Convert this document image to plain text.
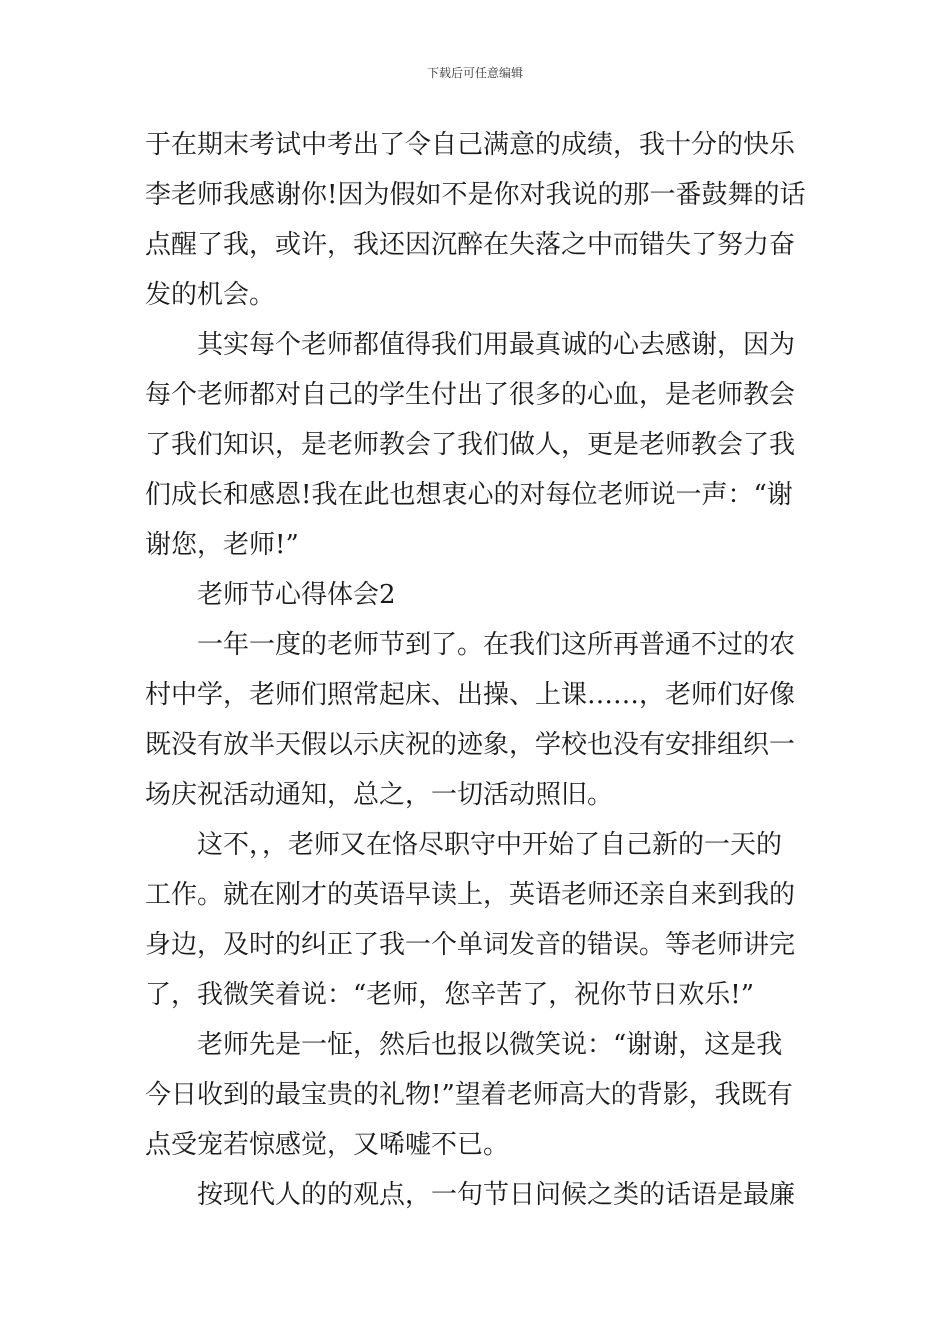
下载后可任意编辑
于在期末考试中考出了令自己满意的成绩，我十分的快乐
李老师我感谢你!因为假如不是你对我说的那一番鼓舞的话
点醒了我，或许，我还因沉醉在失落之中而错失了努力奋
发的机会。
其实每个老师都值得我们用最真诚的心去感谢，因为
每个老师都对自己的学生付出了很多的心血，是老师教会
了我们知识，是老师教会了我们做人，更是老师教会了我
们成长和感恩!我在此也想衷心的对每位老师说一声：“谢
谢您，老师!”
老师节心得体会2
一年一度的老师节到了。在我们这所再普通不过的农
村中学，老师们照常起床、出操、上课……，老师们好像
既没有放半天假以示庆祝的迹象，学校也没有安排组织一
场庆祝活动通知，总之，一切活动照旧。
这不，，老师又在恪尽职守中开始了自己新的一天的
工作。就在刚才的英语早读上，英语老师还亲自来到我的
身边，及时的纠正了我一个单词发音的错误。等老师讲完
了，我微笑着说：“老师，您辛苦了，祝你节日欢乐!”
老师先是一怔，然后也报以微笑说：“谢谢，这是我
今日收到的最宝贵的礼物!”望着老师高大的背影，我既有
点受宠若惊感觉，又唏嘘不已。
按现代人的的观点，一句节日问候之类的话语是最廉
